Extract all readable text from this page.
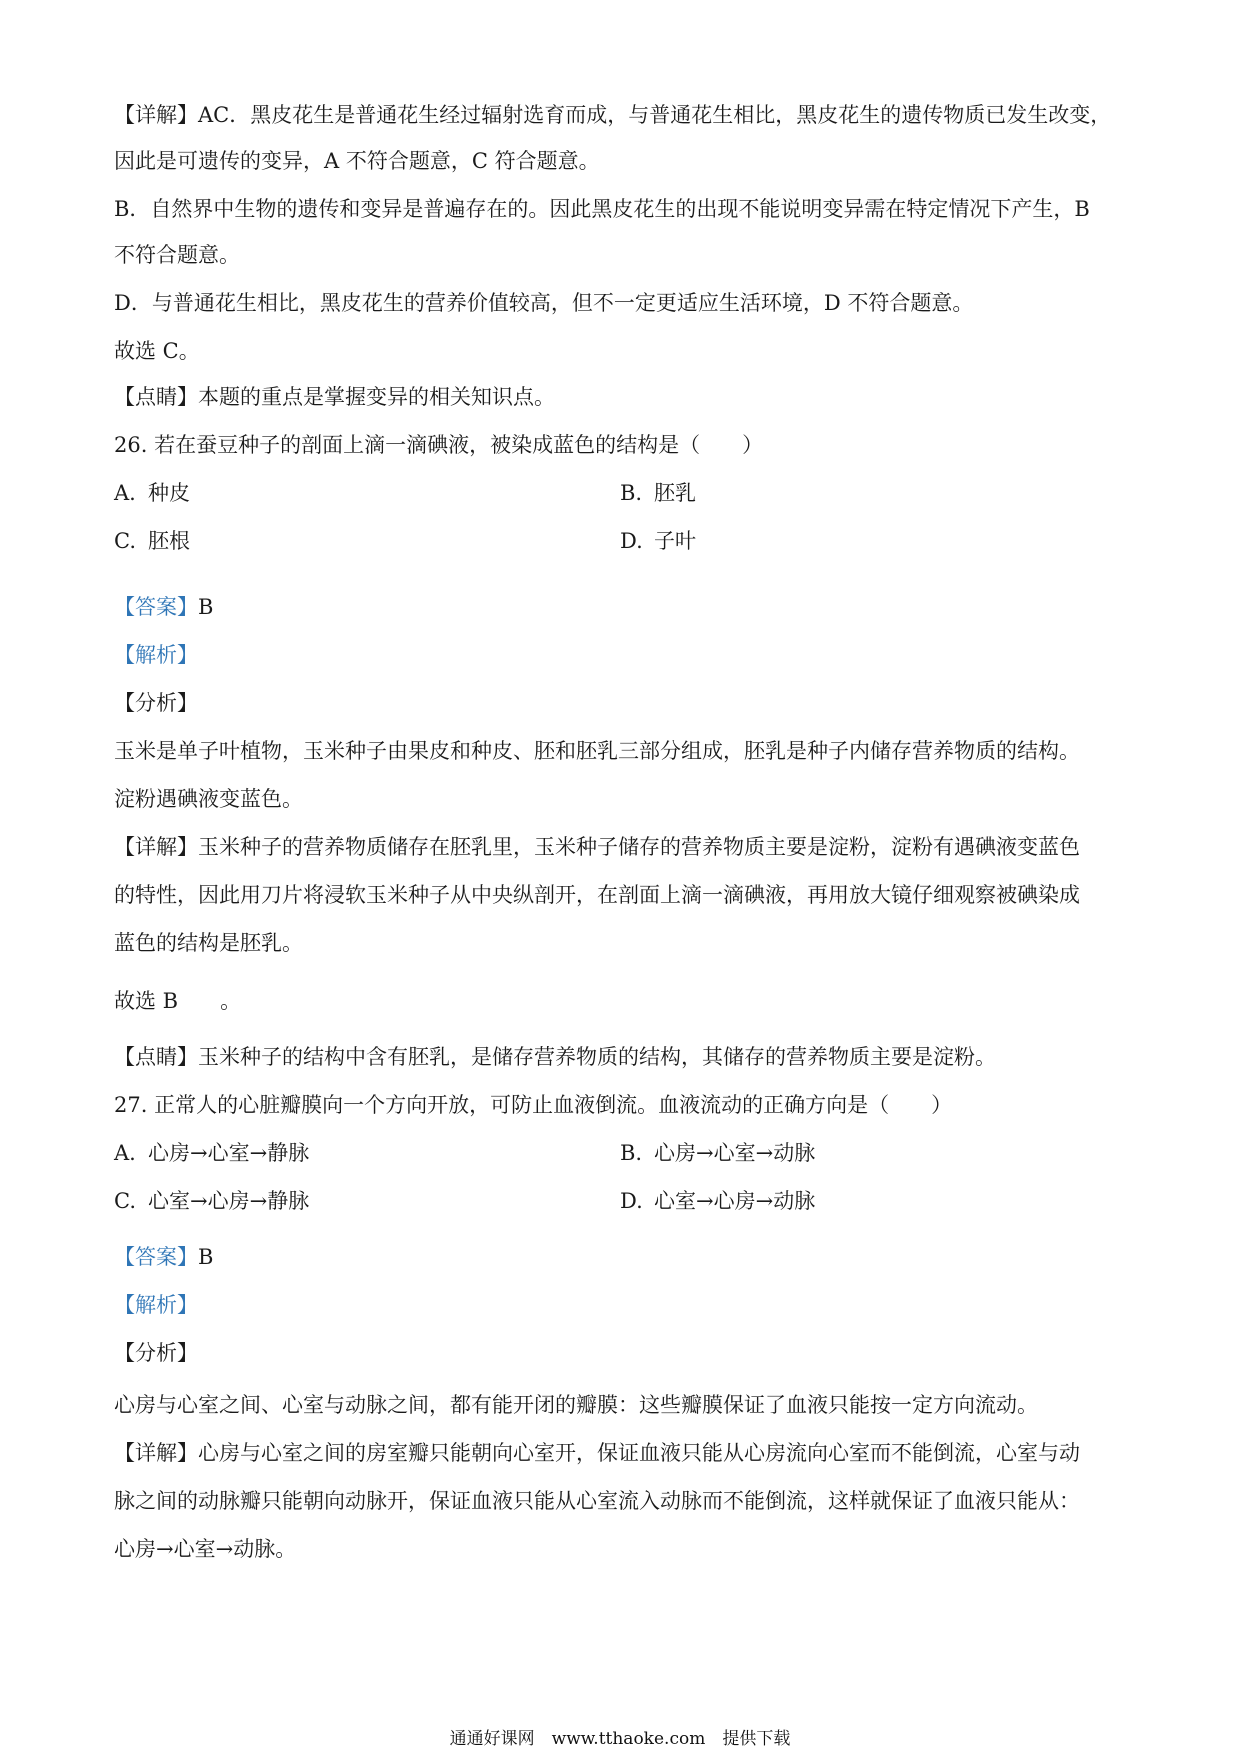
【详解】AC．黑皮花生是普通花生经过辐射选育而成，与普通花生相比，黑皮花生的遗传物质已发生改变，
因此是可遗传的变异，A 不符合题意，C 符合题意。
B．自然界中生物的遗传和变异是普遍存在的。因此黑皮花生的出现不能说明变异需在特定情况下产生，B
不符合题意。
D．与普通花生相比，黑皮花生的营养价值较高，但不一定更适应生活环境，D 不符合题意。
故选 C。
【点睛】本题的重点是掌握变异的相关知识点。
26. 若在蚕豆种子的剖面上滴一滴碘液，被染成蓝色的结构是（　　）
A. 种皮	B. 胚乳
C. 胚根	D. 子叶
【答案】B
【解析】
【分析】
玉米是单子叶植物，玉米种子由果皮和种皮、胚和胚乳三部分组成，胚乳是种子内储存营养物质的结构。
淀粉遇碘液变蓝色。
【详解】玉米种子的营养物质储存在胚乳里，玉米种子储存的营养物质主要是淀粉，淀粉有遇碘液变蓝色
的特性，因此用刀片将浸软玉米种子从中央纵剖开，在剖面上滴一滴碘液，再用放大镜仔细观察被碘染成
蓝色的结构是胚乳。
故选 B　　。
【点睛】玉米种子的结构中含有胚乳，是储存营养物质的结构，其储存的营养物质主要是淀粉。
27. 正常人的心脏瓣膜向一个方向开放，可防止血液倒流。血液流动的正确方向是（　　）
A. 心房→心室→静脉	B. 心房→心室→动脉
C. 心室→心房→静脉	D. 心室→心房→动脉
【答案】B
【解析】
【分析】
心房与心室之间、心室与动脉之间，都有能开闭的瓣膜：这些瓣膜保证了血液只能按一定方向流动。
【详解】心房与心室之间的房室瓣只能朝向心室开，保证血液只能从心房流向心室而不能倒流，心室与动
脉之间的动脉瓣只能朝向动脉开，保证血液只能从心室流入动脉而不能倒流，这样就保证了血液只能从：
心房→心室→动脉。
通通好课网　www.tthaoke.com　提供下载
